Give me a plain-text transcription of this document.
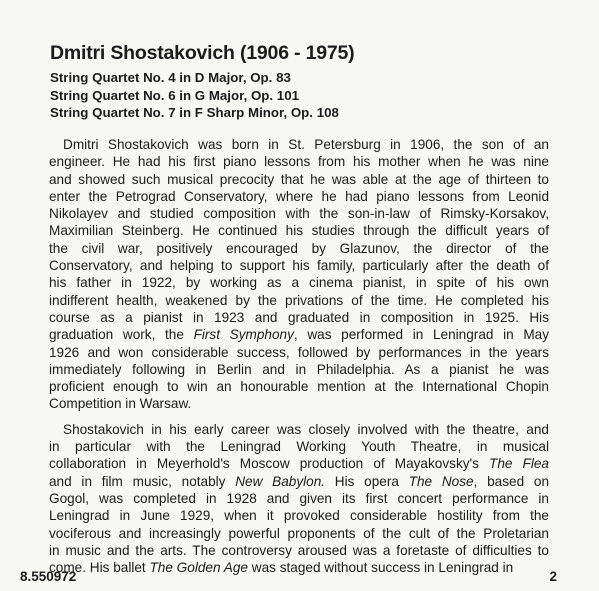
Dmitri Shostakovich (1906 - 1975)
String Quartet No. 4 in D Major, Op. 83
String Quartet No. 6 in G Major, Op. 101
String Quartet No. 7 in F Sharp Minor, Op. 108

Dmitri Shostakovich was born in St. Petersburg in 1906, the son of an
engineer. He had his first piano lessons from his mother when he was nine
and showed such musical precocity that he was able at the age of thirteen to
enter the Petrograd Conservatory, where he had piano lessons from Leonid
Nikolayev and studied composition with the son-in-law of Rimsky-Korsakov,
Maximilian Steinberg. He continued his studies through the difficult years of
the civil war, positively encouraged by Glazunov, the director of the
Conservatory, and helping to support his family, particularly after the death of
his father in 1922, by working as a cinema pianist, in spite of his own
indifferent health, weakened by the privations of the time. He completed his
course as a pianist in 1923 and graduated in composition in 1925. His
graduation work, the First Symphony, was performed in Leningrad in May
1926 and won considerable success, followed by performances in the years
immediately following in Berlin and in Philadelphia. As a pianist he was
proficient enough to win an honourable mention at the International Chopin
Competition in Warsaw.

Shostakovich in his early career was closely involved with the theatre, and
in particular with the Leningrad Working Youth Theatre, in musical
collaboration in Meyerhold's Moscow production of Mayakovsky's The Flea
and in film music, notably New Babylon. His opera The Nose, based on
Gogol, was completed in 1928 and given its first concert performance in
Leningrad in June 1929, when it provoked considerable hostility from the
vociferous and increasingly powerful proponents of the cult of the Proletarian
in music and the arts. The controversy aroused was a foretaste of difficulties to
come. His ballet The Golden Age was staged without success in Leningrad in

8.550972	2
